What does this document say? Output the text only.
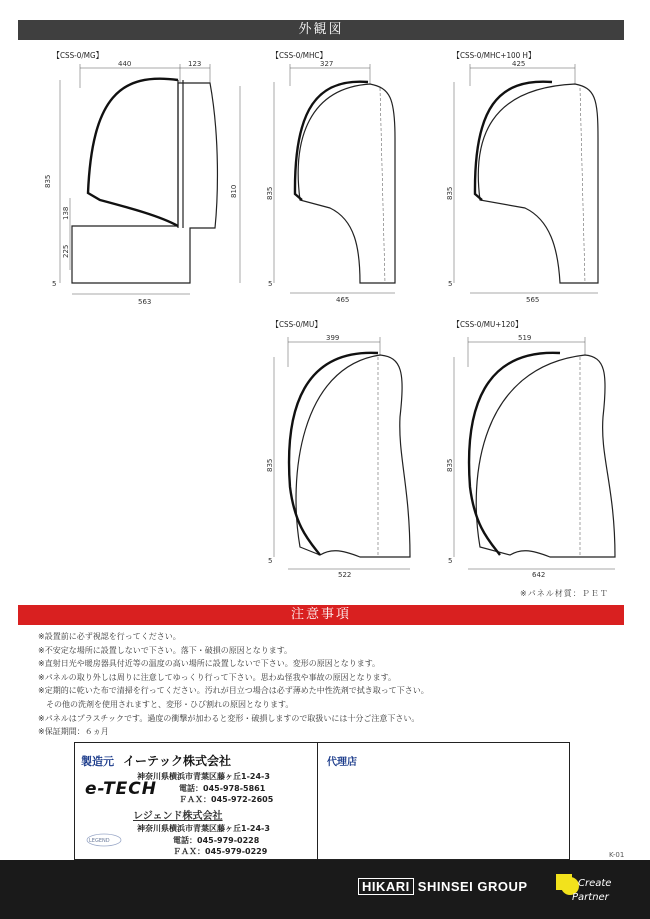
外観図
【CSS-0/MG】
440	123
835
138
225
5
810
563
【CSS-0/MHC】
327
835
5
465
【CSS-0/MHC+100 H】
425
835
5
565
【CSS-0/MU】
399
835
5
522
【CSS-0/MU+120】
519
835
5
642
※パネル材質：ＰＥＴ
注意事項
※設置前に必ず視認を行ってください。
※不安定な場所に設置しないで下さい。落下・破損の原因となります。
※直射日光や暖房器具付近等の温度の高い場所に設置しないで下さい。変形の原因となります。
※パネルの取り外しは周りに注意してゆっくり行って下さい。思わぬ怪我や事故の原因となります。
※定期的に乾いた布で清掃を行ってください。汚れが目立つ場合は必ず薄めた中性洗剤で拭き取って下さい。
　その他の洗剤を使用されますと、変形・ひび割れの原因となります。
※パネルはプラスチックです。過度の衝撃が加わると変形・破損しますので取扱いには十分ご注意下さい。
※保証期間：６ヵ月
製造元 イーテック株式会社
神奈川県横浜市青葉区藤ヶ丘1-24-3
e-TECH	電話：045-978-5861
ＦＡＸ：045-972-2605
レジェンド株式会社
神奈川県横浜市青葉区藤ヶ丘1-24-3
LEGEND	電話：045-979-0228
ＦＡＸ：045-979-0229
代理店
K-01
HIKARI SHINSEI GROUP	Create
Partner
